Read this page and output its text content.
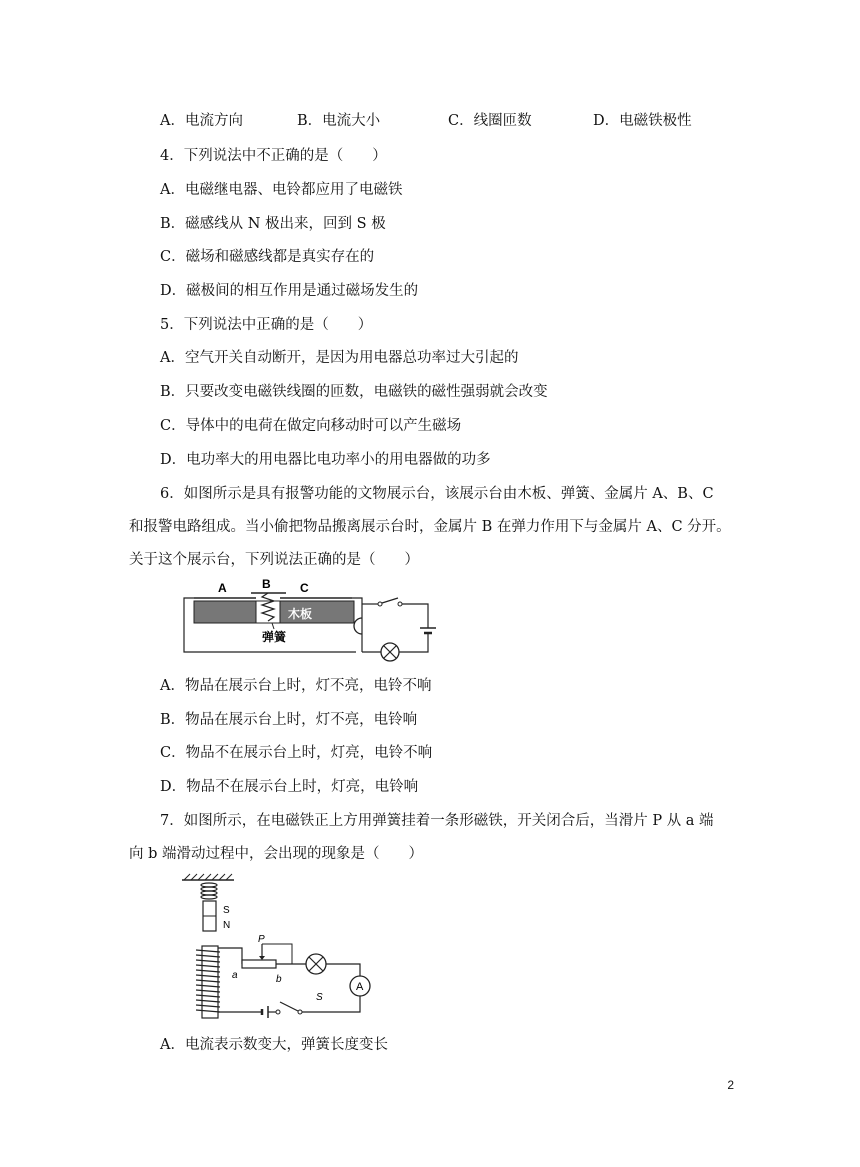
A．电流方向	B．电流大小	C．线圈匝数	D．电磁铁极性
4．下列说法中不正确的是（　　）
A．电磁继电器、电铃都应用了电磁铁
B．磁感线从 N 极出来，回到 S 极
C．磁场和磁感线都是真实存在的
D．磁极间的相互作用是通过磁场发生的
5．下列说法中正确的是（　　）
A．空气开关自动断开，是因为用电器总功率过大引起的
B．只要改变电磁铁线圈的匝数，电磁铁的磁性强弱就会改变
C．导体中的电荷在做定向移动时可以产生磁场
D．电功率大的用电器比电功率小的用电器做的功多
6．如图所示是具有报警功能的文物展示台，该展示台由木板、弹簧、金属片 A、B、C
和报警电路组成。当小偷把物品搬离展示台时，金属片 B 在弹力作用下与金属片 A、C 分开。
关于这个展示台，下列说法正确的是（　　）
A	B C
木板
弹簧
A．物品在展示台上时，灯不亮，电铃不响
B．物品在展示台上时，灯不亮，电铃响
C．物品不在展示台上时，灯亮，电铃不响
D．物品不在展示台上时，灯亮，电铃响
7．如图所示，在电磁铁正上方用弹簧挂着一条形磁铁，开关闭合后，当滑片 P 从 a 端
向 b 端滑动过程中，会出现的现象是（　　）
S
N
P
a	b
A
S
A．电流表示数变大，弹簧长度变长
2
